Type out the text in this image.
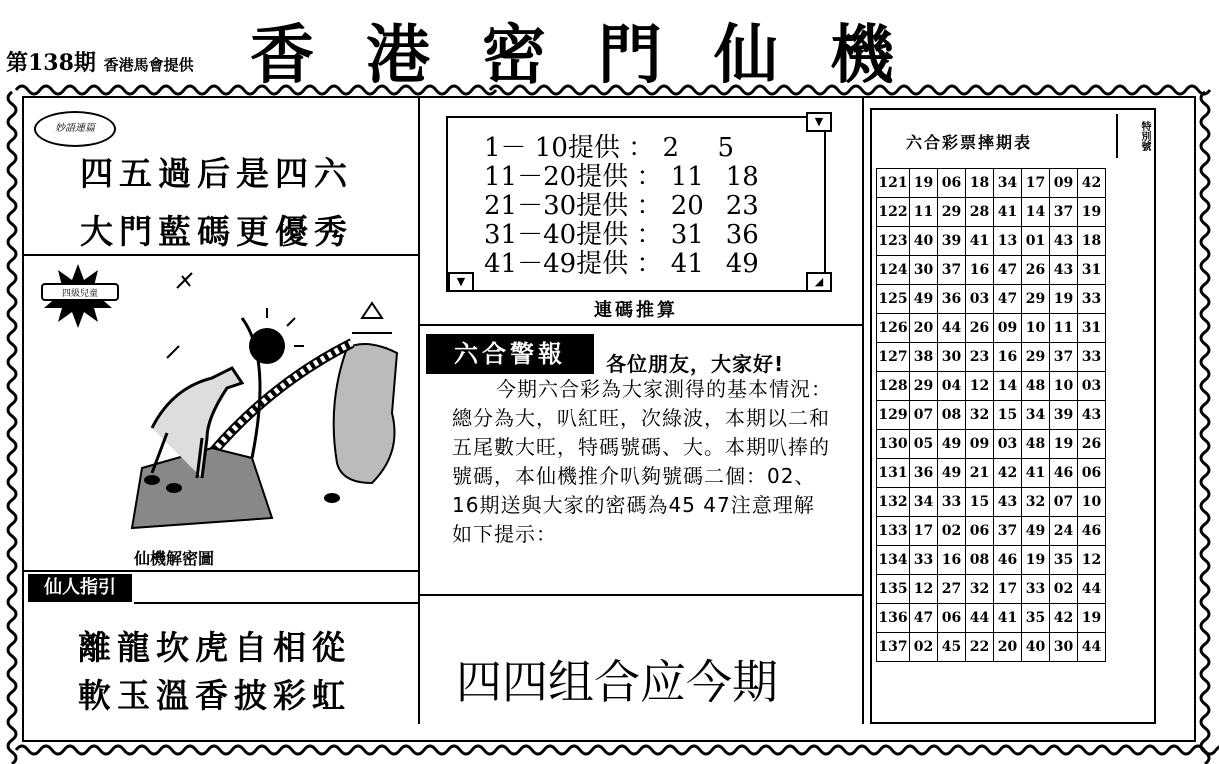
第138期 香港馬會提供 香港密門仙機
妙語連篇
四五過后是四六
大門藍碼更優秀
四級兒童
仙機解密圖
仙人指引
離龍坎虎自相從
軟玉溫香披彩虹
▼
▼	◢
1－ 10提供 ： 2 5
11－20提供 ： 11 18
21－30提供 ： 20 23
31－40提供 ： 31 36
41－49提供 ： 41 49
連碼推算
六合警報	各位朋友，大家好!
今期六合彩為大家測得的基本情況：總分為大，叭紅旺，次綠波，本期以二和五尾數大旺，特碼號碼、大。本期叭捧的號碼，本仙機推介叭夠號碼二個：02、16期送與大家的密碼為45 47注意理解如下提示：
四四组合应今期
六合彩票摔期表	特別號
121	19	06	18	34	17	09	42
122	11	29	28	41	14	37	19
123	40	39	41	13	01	43	18
124	30	37	16	47	26	43	31
125	49	36	03	47	29	19	33
126	20	44	26	09	10	11	31
127	38	30	23	16	29	37	33
128	29	04	12	14	48	10	03
129	07	08	32	15	34	39	43
130	05	49	09	03	48	19	26
131	36	49	21	42	41	46	06
132	34	33	15	43	32	07	10
133	17	02	06	37	49	24	46
134	33	16	08	46	19	35	12
135	12	27	32	17	33	02	44
136	47	06	44	41	35	42	19
137	02	45	22	20	40	30	44
